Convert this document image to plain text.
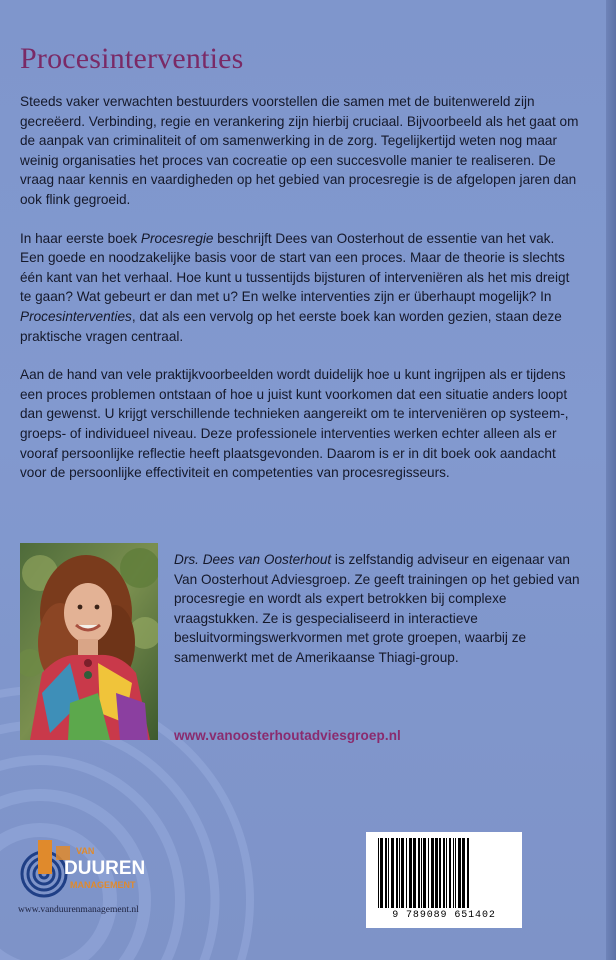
Procesinterventies

Steeds vaker verwachten bestuurders voorstellen die samen met de buitenwereld zijn gecreëerd. Verbinding, regie en verankering zijn hierbij cruciaal. Bijvoorbeeld als het gaat om de aanpak van criminaliteit of om samenwerking in de zorg. Tegelijkertijd weten nog maar weinig organisaties het proces van cocreatie op een succesvolle manier te realiseren. De vraag naar kennis en vaardigheden op het gebied van procesregie is de afgelopen jaren dan ook flink gegroeid.

In haar eerste boek Procesregie beschrijft Dees van Oosterhout de essentie van het vak. Een goede en noodzakelijke basis voor de start van een proces. Maar de theorie is slechts één kant van het verhaal. Hoe kunt u tussentijds bijsturen of interveniëren als het mis dreigt te gaan? Wat gebeurt er dan met u? En welke interventies zijn er überhaupt mogelijk? In Procesinterventies, dat als een vervolg op het eerste boek kan worden gezien, staan deze praktische vragen centraal.

Aan de hand van vele praktijkvoorbeelden wordt duidelijk hoe u kunt ingrijpen als er tijdens een proces problemen ontstaan of hoe u juist kunt voorkomen dat een situatie anders loopt dan gewenst. U krijgt verschillende technieken aangereikt om te interveniëren op systeem-, groeps- of individueel niveau. Deze professionele interventies werken echter alleen als er vooraf persoonlijke reflectie heeft plaatsgevonden. Daarom is er in dit boek ook aandacht voor de persoonlijke effectiviteit en competenties van procesregisseurs.

Drs. Dees van Oosterhout is zelfstandig adviseur en eigenaar van Van Oosterhout Adviesgroep. Ze geeft trainingen op het gebied van procesregie en wordt als expert betrokken bij complexe vraagstukken. Ze is gespecialiseerd in interactieve besluitvormingswerkvormen met grote groepen, waarbij ze samenwerkt met de Amerikaanse Thiagi-group.

www.vanoosterhoutadviesgroep.nl
VAN
DUUREN
MANAGEMENT
www.vanduurenmanagement.nl	9 789089 651402
